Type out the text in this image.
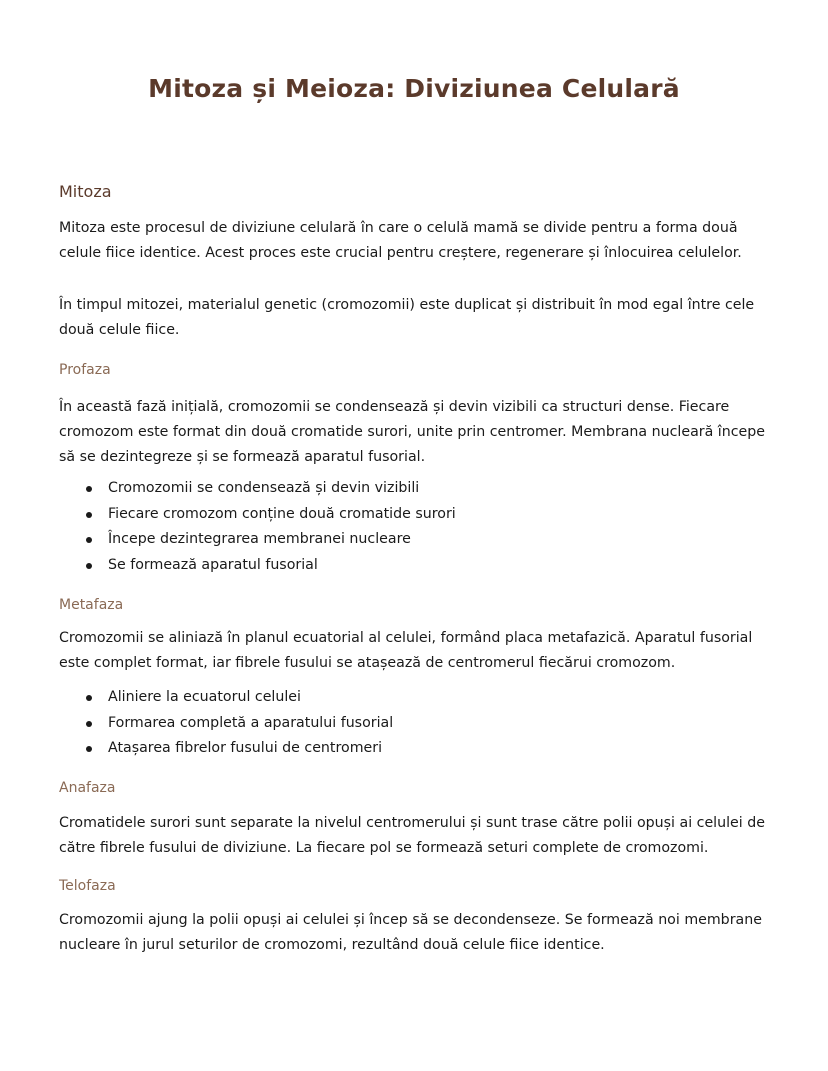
Mitoza și Meioza: Diviziunea Celulară
Mitoza
Mitoza este procesul de diviziune celulară în care o celulă mamă se divide pentru a forma două celule fiice identice. Acest proces este crucial pentru creștere, regenerare și înlocuirea celulelor.
În timpul mitozei, materialul genetic (cromozomii) este duplicat și distribuit în mod egal între cele două celule fiice.
Profaza
În această fază inițială, cromozomii se condensează și devin vizibili ca structuri dense. Fiecare cromozom este format din două cromatide surori, unite prin centromer. Membrana nucleară începe să se dezintegreze și se formează aparatul fusorial.
Cromozomii se condensează și devin vizibili
Fiecare cromozom conține două cromatide surori
Începe dezintegrarea membranei nucleare
Se formează aparatul fusorial
Metafaza
Cromozomii se aliniază în planul ecuatorial al celulei, formând placa metafazică. Aparatul fusorial este complet format, iar fibrele fusului se atașează de centromerul fiecărui cromozom.
Aliniere la ecuatorul celulei
Formarea completă a aparatului fusorial
Atașarea fibrelor fusului de centromeri
Anafaza
Cromatidele surori sunt separate la nivelul centromerului și sunt trase către polii opuși ai celulei de către fibrele fusului de diviziune. La fiecare pol se formează seturi complete de cromozomi.
Telofaza
Cromozomii ajung la polii opuși ai celulei și încep să se decondenseze. Se formează noi membrane nucleare în jurul seturilor de cromozomi, rezultând două celule fiice identice.
